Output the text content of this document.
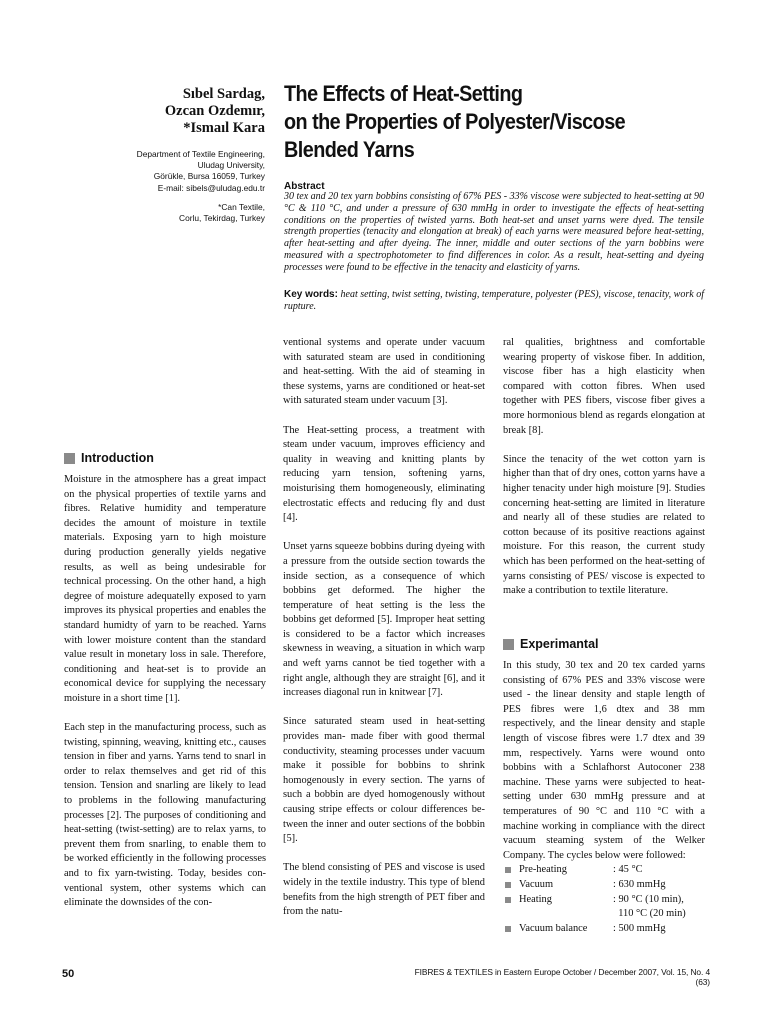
Sıbel Sardag,
Ozcan Ozdemır,
*Ismaıl Kara
Department of Textile Engineering,
Uludag University,
Görükle, Bursa 16059, Turkey
E-mail: sibels@uludag.edu.tr
*Can Textile,
Corlu, Tekirdag, Turkey
The Effects of Heat-Setting
on the Properties of Polyester/Viscose
Blended Yarns
Abstract
30 tex and 20 tex yarn bobbins consisting of 67% PES - 33% viscose were subjected to heat-setting at 90 °C & 110 °C, and under a pressure of 630 mmHg in order to investigate the effects of heat-setting conditions on the properties of twisted yarns. Both heat-set and unset yarns were dyed. The tensile strength properties (tenacity and elongation at break) of each yarns were measured before heat-setting, after heat-setting and after dyeing. The inner, middle and outer sections of the yarn bobbins were measured with a spectrophotometer to find differences in color. As a result, heat-setting and dyeing processes were found to be effective in the tenacity and elasticity of yarns.
Key words: heat setting, twist setting, twisting, temperature, polyester (PES), viscose, tenacity, work of rupture.
Introduction

Moisture in the atmosphere has a great impact on the physical properties of textile yarns and fibres. Relative humidity and temperature decides the amount of moisture in textile materials. Exposing yarn to high moisture during production generally yields negative results, as well as being undesirable for technical processing. On the other hand, a high degree of moisture adequatelly exposed to yarn improves its physical properties and enables the standard humidty of yarn to be reached. Yarns with lower moisture content than the standard value result in monetary loss in sale. Therefore, conditioning and heat-set is to provide an economical device for supplying the necessary moisture in a short time [1].

Each step in the manufacturing process, such as twisting, spinning, weaving, knitting etc., causes tension in fiber and yarns. Yarns tend to snarl in order to relax themselves and get rid of this tension. Tension and snarling are likely to lead to problems in the following manufacturing processes [2]. The purposes of conditioning and heat-setting (twist-setting) are to relax yarns, to prevent them from snarling, to enable them to be worked efficiently in the following processes and to fix yarn-twisting. Today, besides conventional system, other systems which can eliminate the downsides of the con-

ventional systems and operate under vacuum with saturated steam are used in conditioning and heat-setting. With the aid of steaming in these systems, yarns are conditioned or heat-set with saturated steam under vacuum [3].

The Heat-setting process, a treatment with steam under vacuum, improves efficiency and quality in weaving and knitting plants by reducing yarn tension, softening yarns, moisturising them homogeneously, eliminating electrostatic effects and reducing fly and dust [4].

Unset yarns squeeze bobbins during dyeing with a pressure from the outside section towards the inside section, as a consequence of which bobbins get deformed. The higher the temperature of heat setting is the less the bobbins get deformed [5]. Improper heat setting is considered to be a factor which increases skewness in weaving, a situation in which warp and weft yarns cannot be tied together with a right angle, although they are straight [6], and it increases diagonal run in knitwear [7].

Since saturated steam used in heat-setting provides man- made fiber with good thermal conductivity, steaming processes under vacuum make it possible for bobbins to shrink homogenously in every section. The yarns of such a bobbin are dyed homogenously without causing stripe effects or colour differences between the inner and outer sections of the bobbin [5].

The blend consisting of PES and viscose is used widely in the textile industry. This type of blend benefits from the high strength of PET fiber and from the natu-

ral qualities, brightness and comfortable wearing property of viskose fiber. In addition, viscose fiber has a high elasticity when compared with cotton fibres. When used together with PES fibers, viscose fiber gives a more hormonious blend as regards elongation at break [8].

Since the tenacity of the wet cotton yarn is higher than that of dry ones, cotton yarns have a higher tenacity under high moisture [9]. Studies concerning heat-setting are limited in literature and nearly all of these studies are related to cotton because of its positive reactions against moisture. For this reason, the current study which has been performed on the heat-setting of yarns consisting of PES/ viscose is expected to make a contribution to textile literature.

Experimantal

In this study, 30 tex and 20 tex carded yarns consisting of 67% PES and 33% viscose were used - the linear density and staple length of PES fibres were 1,6 dtex and 38 mm respectively, and the linear density and staple length of viscose fibres were 1.7 dtex and 39 mm, respectively. Yarns were wound onto bobbins with a Schlafhorst Autoconer 238 machine. These yarns were subjected to heat-setting under 630 mmHg pressure and at temperatures of 90 °C and 110 °C with a machine working in compliance with the direct vacuum steaming system of the Welker Company. The cycles below were followed:

Pre-heating	: 45 °C
Vacuum	: 630 mmHg
Heating	: 90 °C (10 min),
110 °C (20 min)
Vacuum balance	: 500 mmHg
50	FIBRES & TEXTILES in Eastern Europe October / December 2007, Vol. 15, No. 4 (63)
